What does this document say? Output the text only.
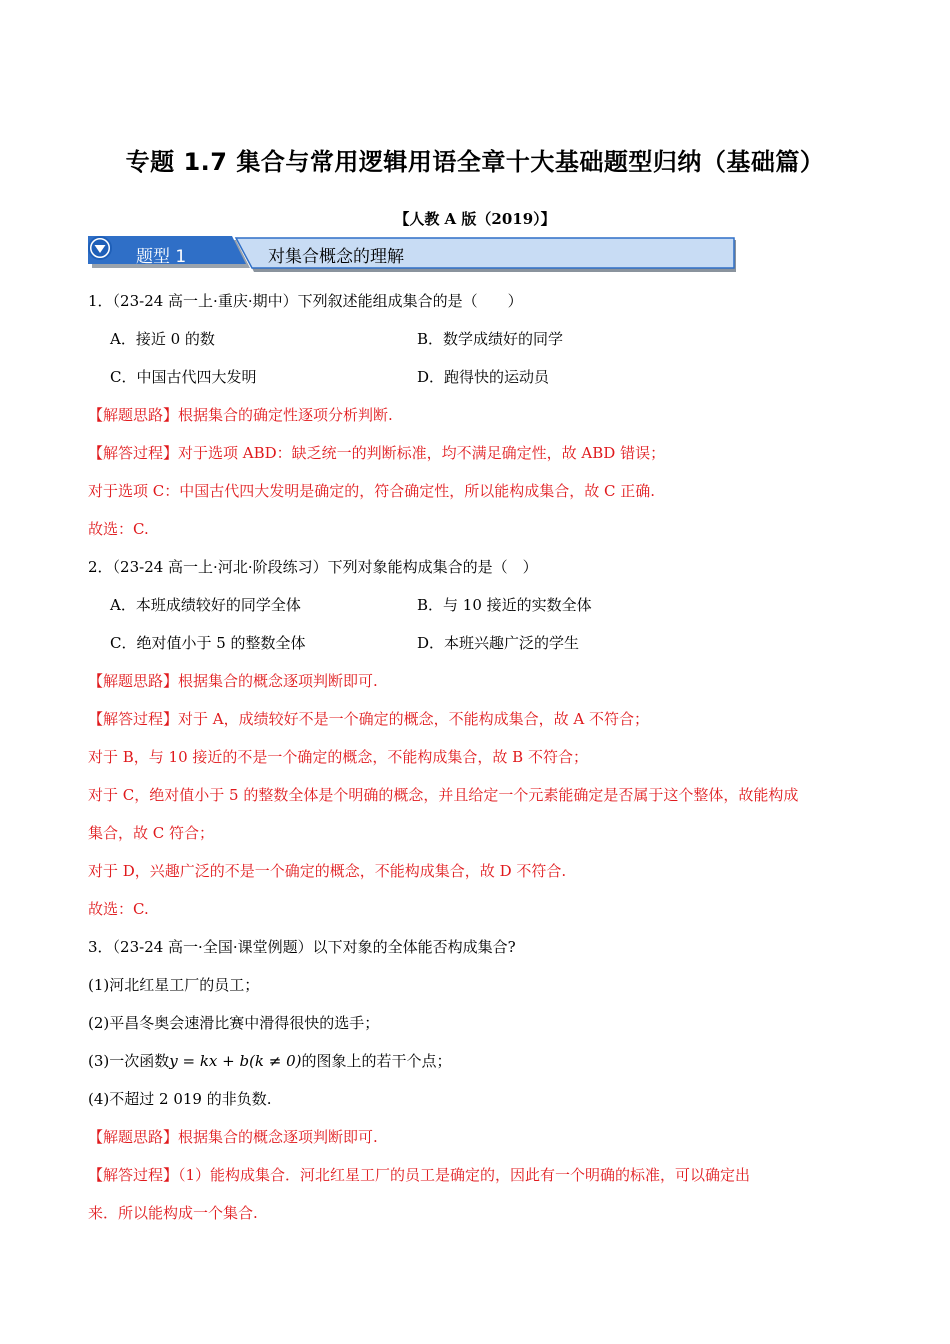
专题 1.7 集合与常用逻辑用语全章十大基础题型归纳（基础篇）
【人教 A 版（2019）】
题型 1	对集合概念的理解
1．（23-24 高一上·重庆·期中）下列叙述能组成集合的是（　　）
A．接近 0 的数	B．数学成绩好的同学
C．中国古代四大发明	D．跑得快的运动员
【解题思路】根据集合的确定性逐项分析判断.
【解答过程】对于选项 ABD：缺乏统一的判断标准，均不满足确定性，故 ABD 错误；
对于选项 C：中国古代四大发明是确定的，符合确定性，所以能构成集合，故 C 正确.
故选：C.
2．（23-24 高一上·河北·阶段练习）下列对象能构成集合的是（　）
A．本班成绩较好的同学全体	B．与 10 接近的实数全体
C．绝对值小于 5 的整数全体	D．本班兴趣广泛的学生
【解题思路】根据集合的概念逐项判断即可.
【解答过程】对于 A，成绩较好不是一个确定的概念，不能构成集合，故 A 不符合；
对于 B，与 10 接近的不是一个确定的概念，不能构成集合，故 B 不符合；
对于 C，绝对值小于 5 的整数全体是个明确的概念，并且给定一个元素能确定是否属于这个整体，故能构成
集合，故 C 符合；
对于 D，兴趣广泛的不是一个确定的概念，不能构成集合，故 D 不符合.
故选：C.
3．（23-24 高一·全国·课堂例题）以下对象的全体能否构成集合?
(1)河北红星工厂的员工；
(2)平昌冬奥会速滑比赛中滑得很快的选手；
(3)一次函数y = kx + b(k ≠ 0)的图象上的若干个点；
(4)不超过 2 019 的非负数.
【解题思路】根据集合的概念逐项判断即可.
【解答过程】（1）能构成集合．河北红星工厂的员工是确定的，因此有一个明确的标准，可以确定出
来．所以能构成一个集合.
